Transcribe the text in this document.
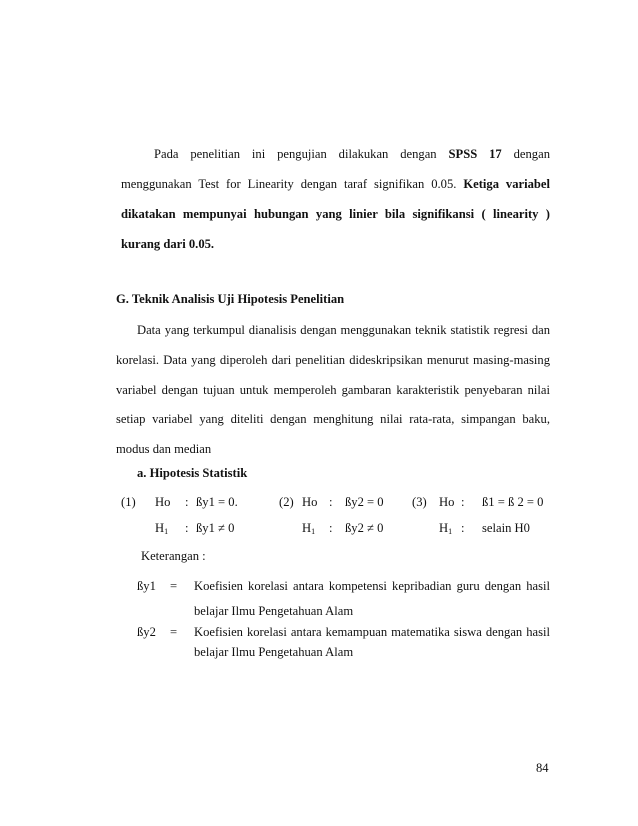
Pada penelitian ini pengujian dilakukan dengan SPSS 17 dengan
menggunakan Test for Linearity dengan taraf signifikan 0.05. Ketiga variabel
dikatakan mempunyai hubungan yang linier bila signifikansi ( linearity )
kurang dari 0.05.
G. Teknik Analisis Uji Hipotesis Penelitian
Data yang terkumpul dianalisis dengan menggunakan teknik statistik regresi dan
korelasi. Data yang diperoleh dari penelitian dideskripsikan menurut masing-masing
variabel dengan tujuan untuk memperoleh gambaran karakteristik penyebaran nilai
setiap variabel yang diteliti dengan menghitung nilai rata-rata, simpangan baku,
modus dan median
a. Hipotesis Statistik
(1) Ho : ßy1 = 0.	(2) Ho : ßy2 = 0 (3) Ho : ß1 = ß 2 = 0
$H_1$ : ßy1 ≠ 0	$H_1$ : ßy2 ≠ 0	$H_1$ : selain H0
Keterangan :
ßy1 = Koefisien korelasi antara kompetensi kepribadian guru dengan hasil
belajar Ilmu Pengetahuan Alam
ßy2 = Koefisien korelasi antara kemampuan matematika siswa dengan hasil
belajar Ilmu Pengetahuan Alam
84
